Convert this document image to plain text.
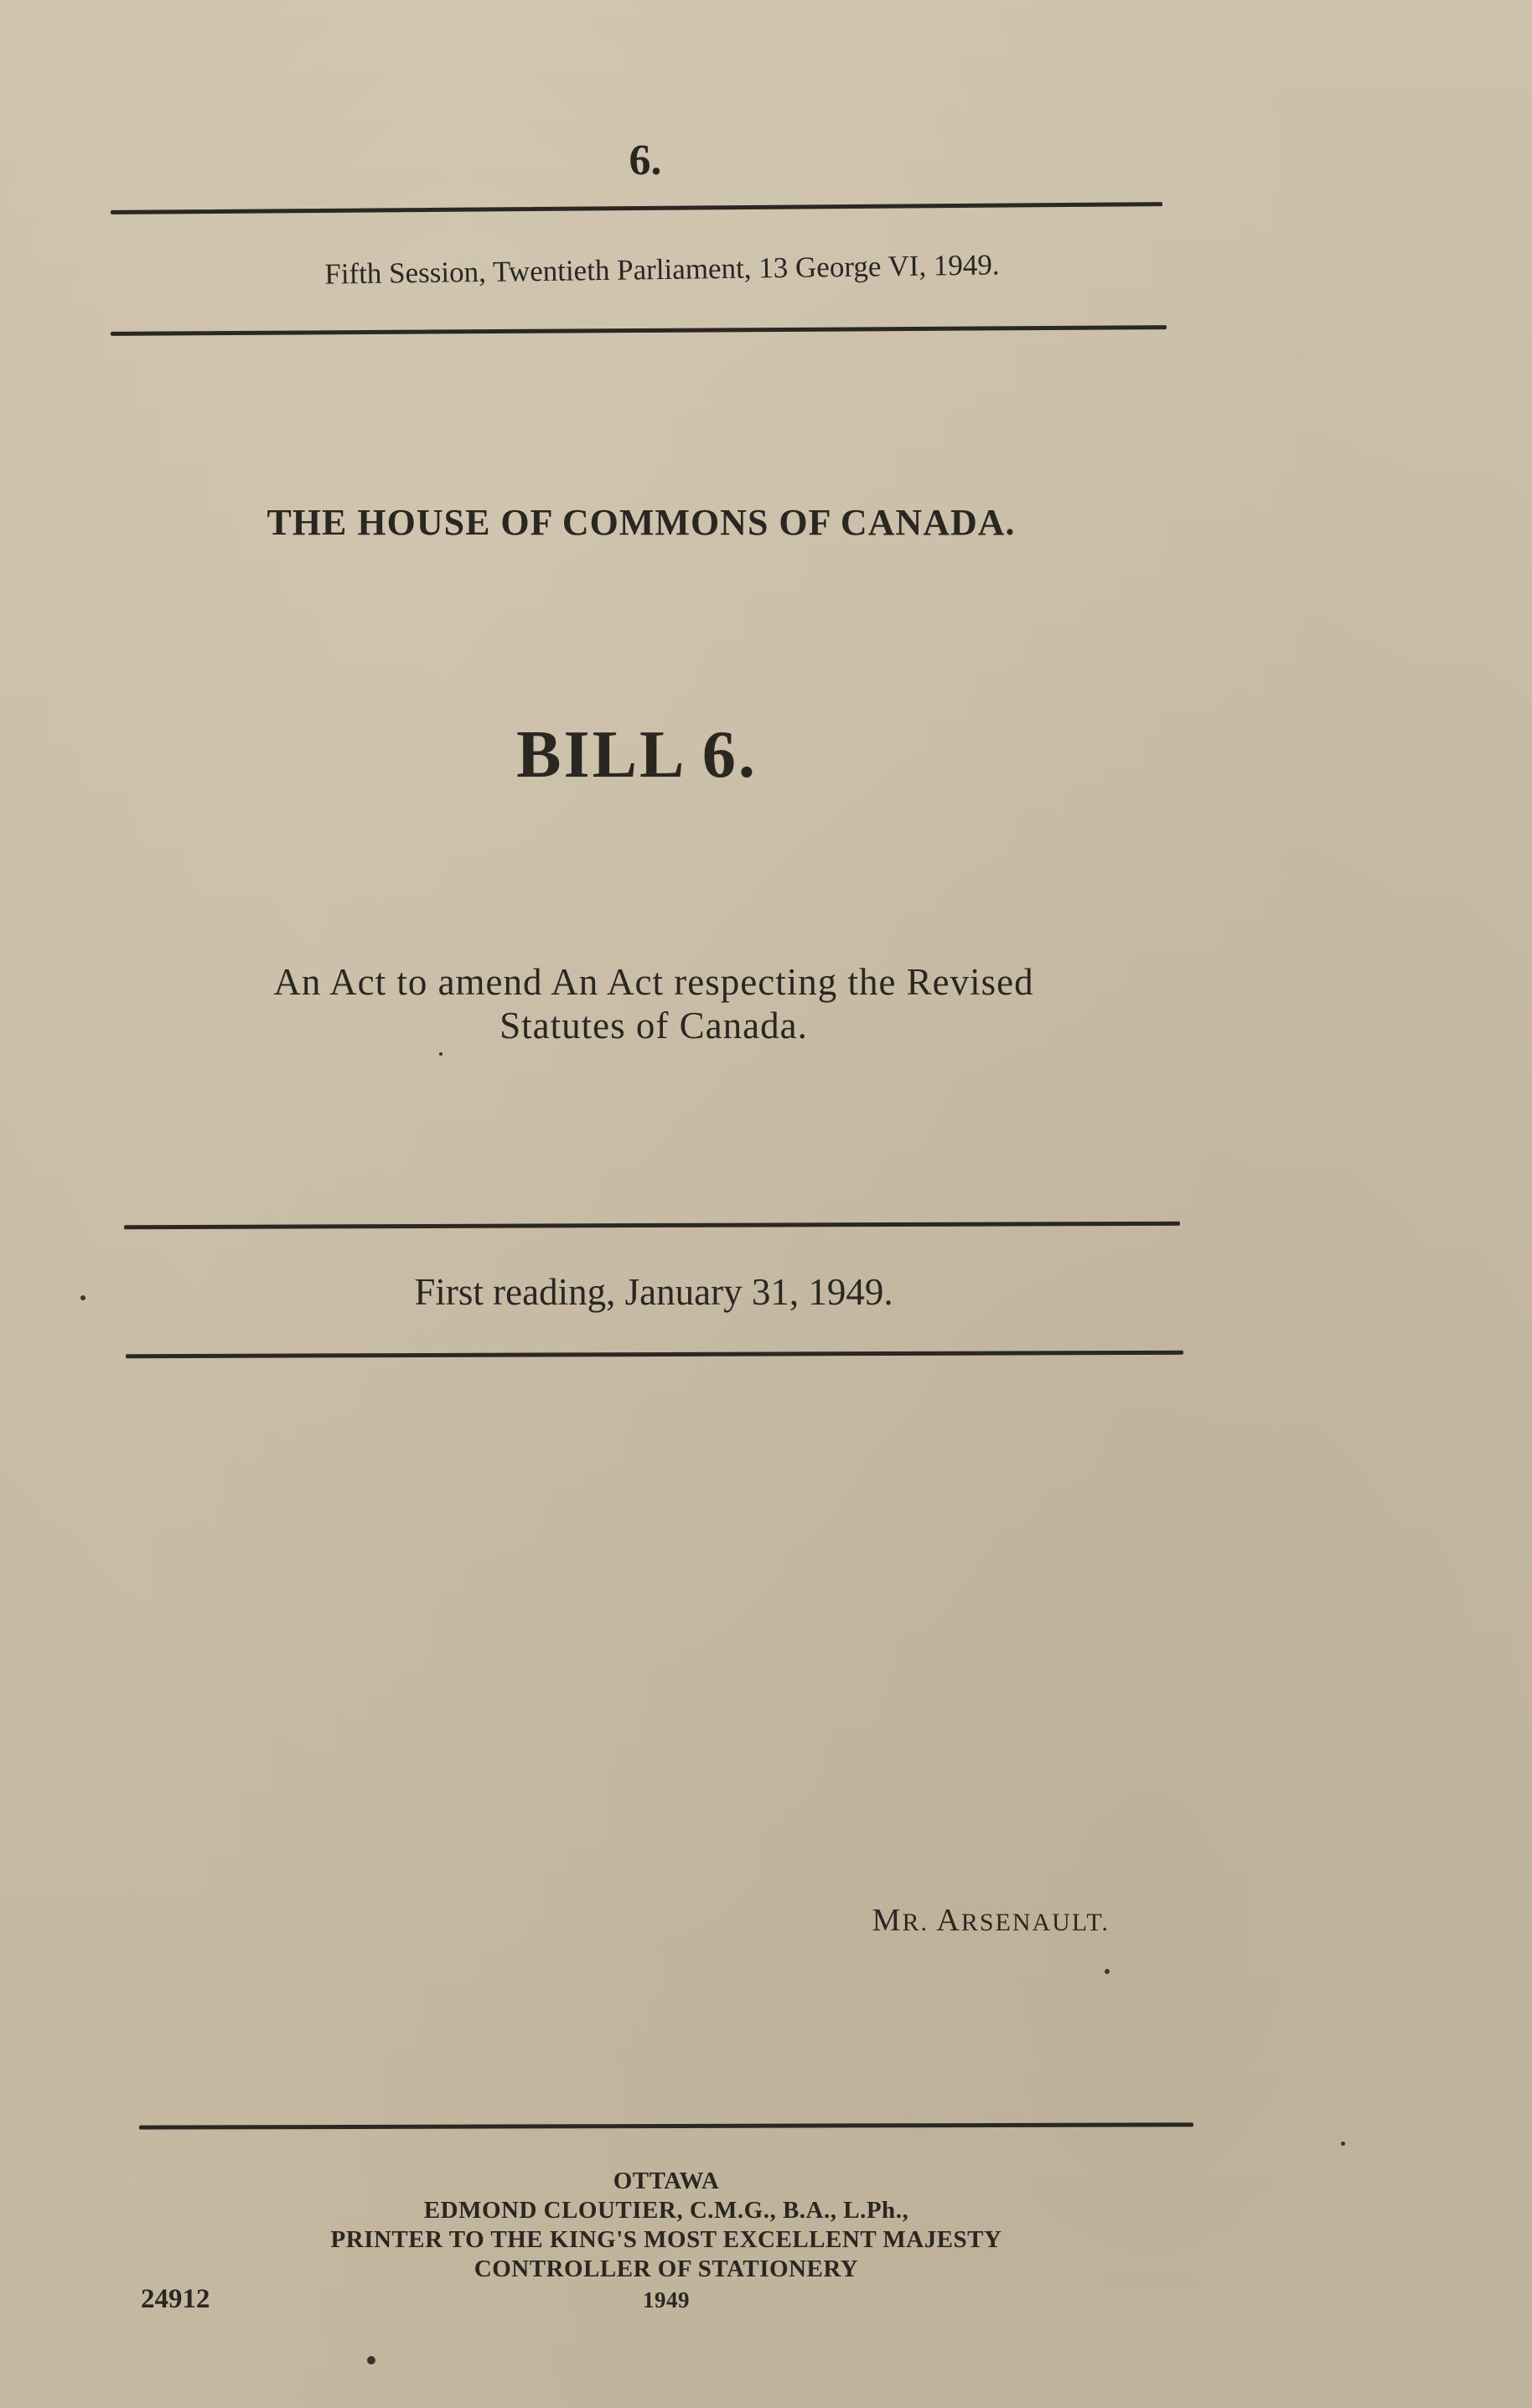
6.
Fifth Session, Twentieth Parliament, 13 George VI, 1949.
THE HOUSE OF COMMONS OF CANADA.
BILL 6.
An Act to amend An Act respecting the Revised
Statutes of Canada.
First reading, January 31, 1949.
MR. ARSENAULT.
OTTAWA
EDMOND CLOUTIER, C.M.G., B.A., L.Ph.,
PRINTER TO THE KING'S MOST EXCELLENT MAJESTY
CONTROLLER OF STATIONERY
1949
24912
